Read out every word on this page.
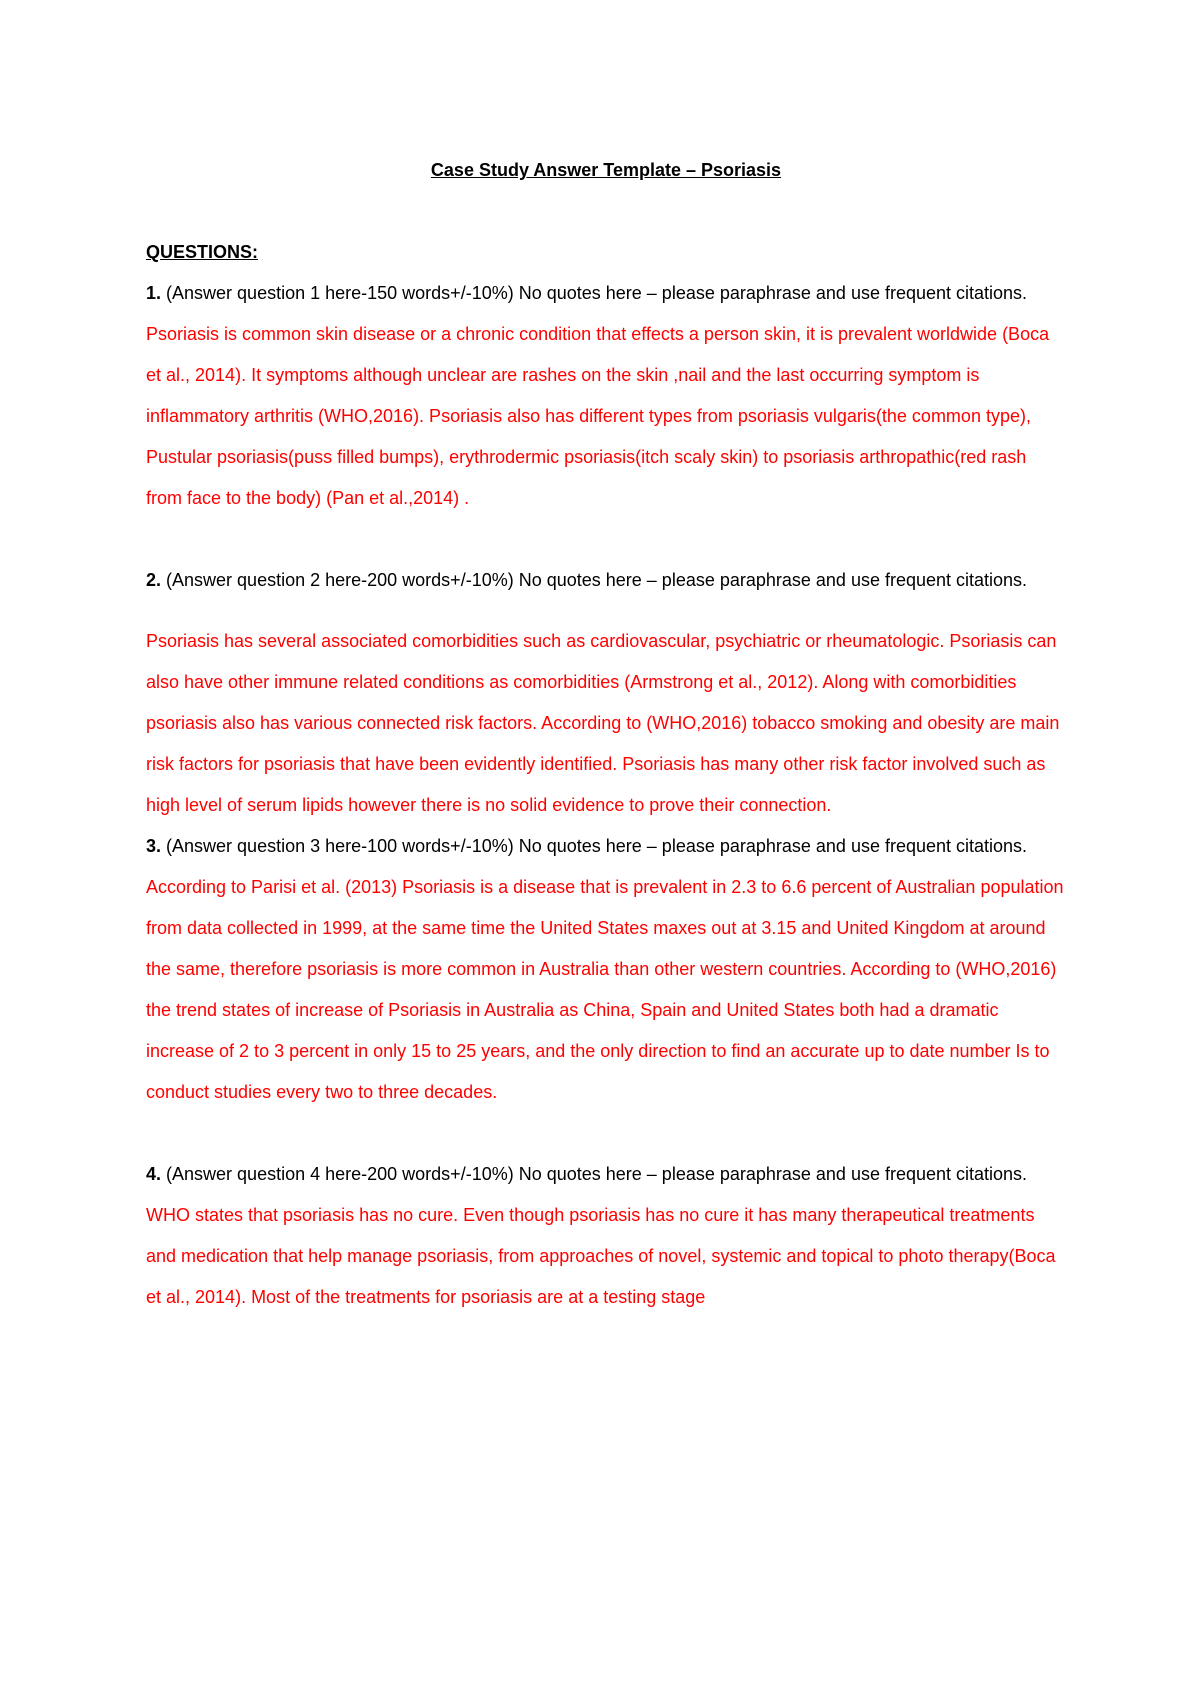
Case Study Answer Template – Psoriasis

QUESTIONS:

1. (Answer question 1 here-150 words+/-10%) No quotes here – please paraphrase and use frequent citations.

Psoriasis is common skin disease or a chronic condition that effects a person skin, it is prevalent worldwide (Boca et al., 2014). It symptoms although unclear are rashes on the skin ,nail and the last occurring symptom is inflammatory arthritis (WHO,2016). Psoriasis also has different types from psoriasis vulgaris(the common type), Pustular psoriasis(puss filled bumps), erythrodermic psoriasis(itch scaly skin) to psoriasis arthropathic(red rash from face to the body) (Pan et al.,2014) .

2. (Answer question 2 here-200 words+/-10%) No quotes here – please paraphrase and use frequent citations.

Psoriasis has several associated comorbidities such as cardiovascular, psychiatric or rheumatologic. Psoriasis can also have other immune related conditions as comorbidities (Armstrong et al., 2012). Along with comorbidities psoriasis also has various connected risk factors. According to (WHO,2016) tobacco smoking and obesity are main risk factors for psoriasis that have been evidently identified. Psoriasis has many other risk factor involved such as high level of serum lipids however there is no solid evidence to prove their connection.

3. (Answer question 3 here-100 words+/-10%) No quotes here – please paraphrase and use frequent citations.

According to Parisi et al. (2013) Psoriasis is a disease that is prevalent in 2.3 to 6.6 percent of Australian population from data collected in 1999, at the same time the United States maxes out at 3.15 and United Kingdom at around the same, therefore psoriasis is more common in Australia than other western countries. According to (WHO,2016) the trend states of increase of Psoriasis in Australia as China, Spain and United States both had a dramatic increase of 2 to 3 percent in only 15 to 25 years, and the only direction to find an accurate up to date number Is to conduct studies every two to three decades.

4. (Answer question 4 here-200 words+/-10%) No quotes here – please paraphrase and use frequent citations.

WHO states that psoriasis has no cure. Even though psoriasis has no cure it has many therapeutical treatments and medication that help manage psoriasis, from approaches of novel, systemic and topical to photo therapy(Boca et al., 2014). Most of the treatments for psoriasis are at a testing stage
